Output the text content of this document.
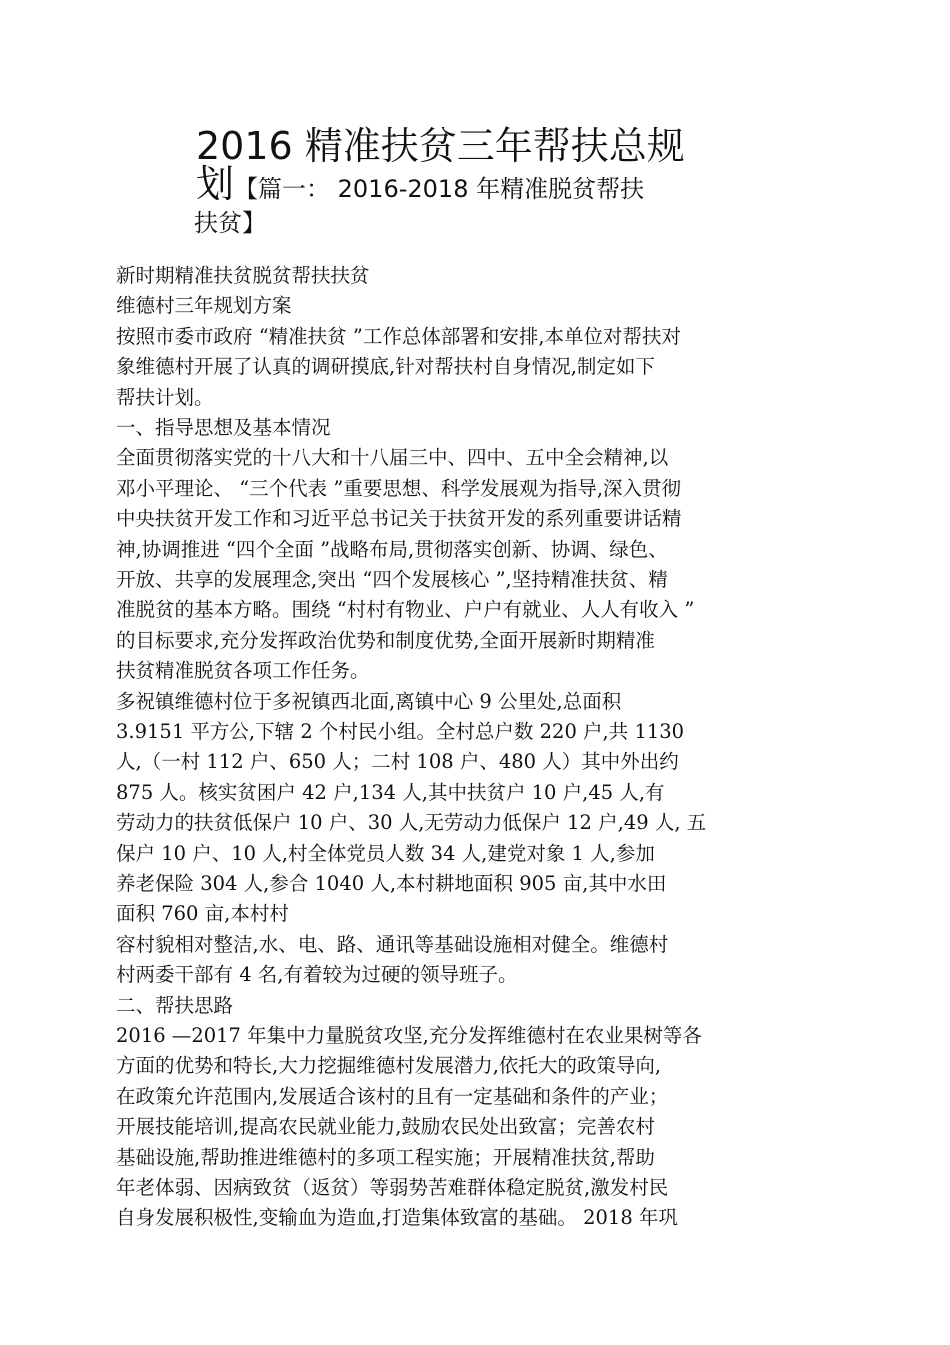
2016 精准扶贫三年帮扶总规
划【篇一： 2016-2018 年精准脱贫帮扶
扶贫】
新时期精准扶贫脱贫帮扶扶贫
维德村三年规划方案
按照市委市政府 “精准扶贫 ”工作总体部署和安排,本单位对帮扶对
象维德村开展了认真的调研摸底,针对帮扶村自身情况,制定如下
帮扶计划。
一、指导思想及基本情况
全面贯彻落实党的十八大和十八届三中、四中、五中全会精神,以
邓小平理论、 “三个代表 ”重要思想、科学发展观为指导,深入贯彻
中央扶贫开发工作和习近平总书记关于扶贫开发的系列重要讲话精
神,协调推进 “四个全面 ”战略布局,贯彻落实创新、协调、绿色、
开放、共享的发展理念,突出 “四个发展核心 ”,坚持精准扶贫、精
准脱贫的基本方略。围绕 “村村有物业、户户有就业、人人有收入 ”
的目标要求,充分发挥政治优势和制度优势,全面开展新时期精准
扶贫精准脱贫各项工作任务。
多祝镇维德村位于多祝镇西北面,离镇中心 9 公里处,总面积
3.9151 平方公,下辖 2 个村民小组。全村总户数 220 户,共 1130
人,（一村 112 户、650 人；二村 108 户、480 人）其中外出约
875 人。核实贫困户 42 户,134 人,其中扶贫户 10 户,45 人,有
劳动力的扶贫低保户 10 户、30 人,无劳动力低保户 12 户,49 人, 五
保户 10 户、10 人,村全体党员人数 34 人,建党对象 1 人,参加
养老保险 304 人,参合 1040 人,本村耕地面积 905 亩,其中水田
面积 760 亩,本村村
容村貌相对整洁,水、电、路、通讯等基础设施相对健全。维德村
村两委干部有 4 名,有着较为过硬的领导班子。
二、帮扶思路
2016 —2017 年集中力量脱贫攻坚,充分发挥维德村在农业果树等各
方面的优势和特长,大力挖掘维德村发展潜力,依托大的政策导向,
在政策允许范围内,发展适合该村的且有一定基础和条件的产业；
开展技能培训,提高农民就业能力,鼓励农民处出致富；完善农村
基础设施,帮助推进维德村的多项工程实施；开展精准扶贫,帮助
年老体弱、因病致贫（返贫）等弱势苦难群体稳定脱贫,激发村民
自身发展积极性,变输血为造血,打造集体致富的基础。 2018 年巩
